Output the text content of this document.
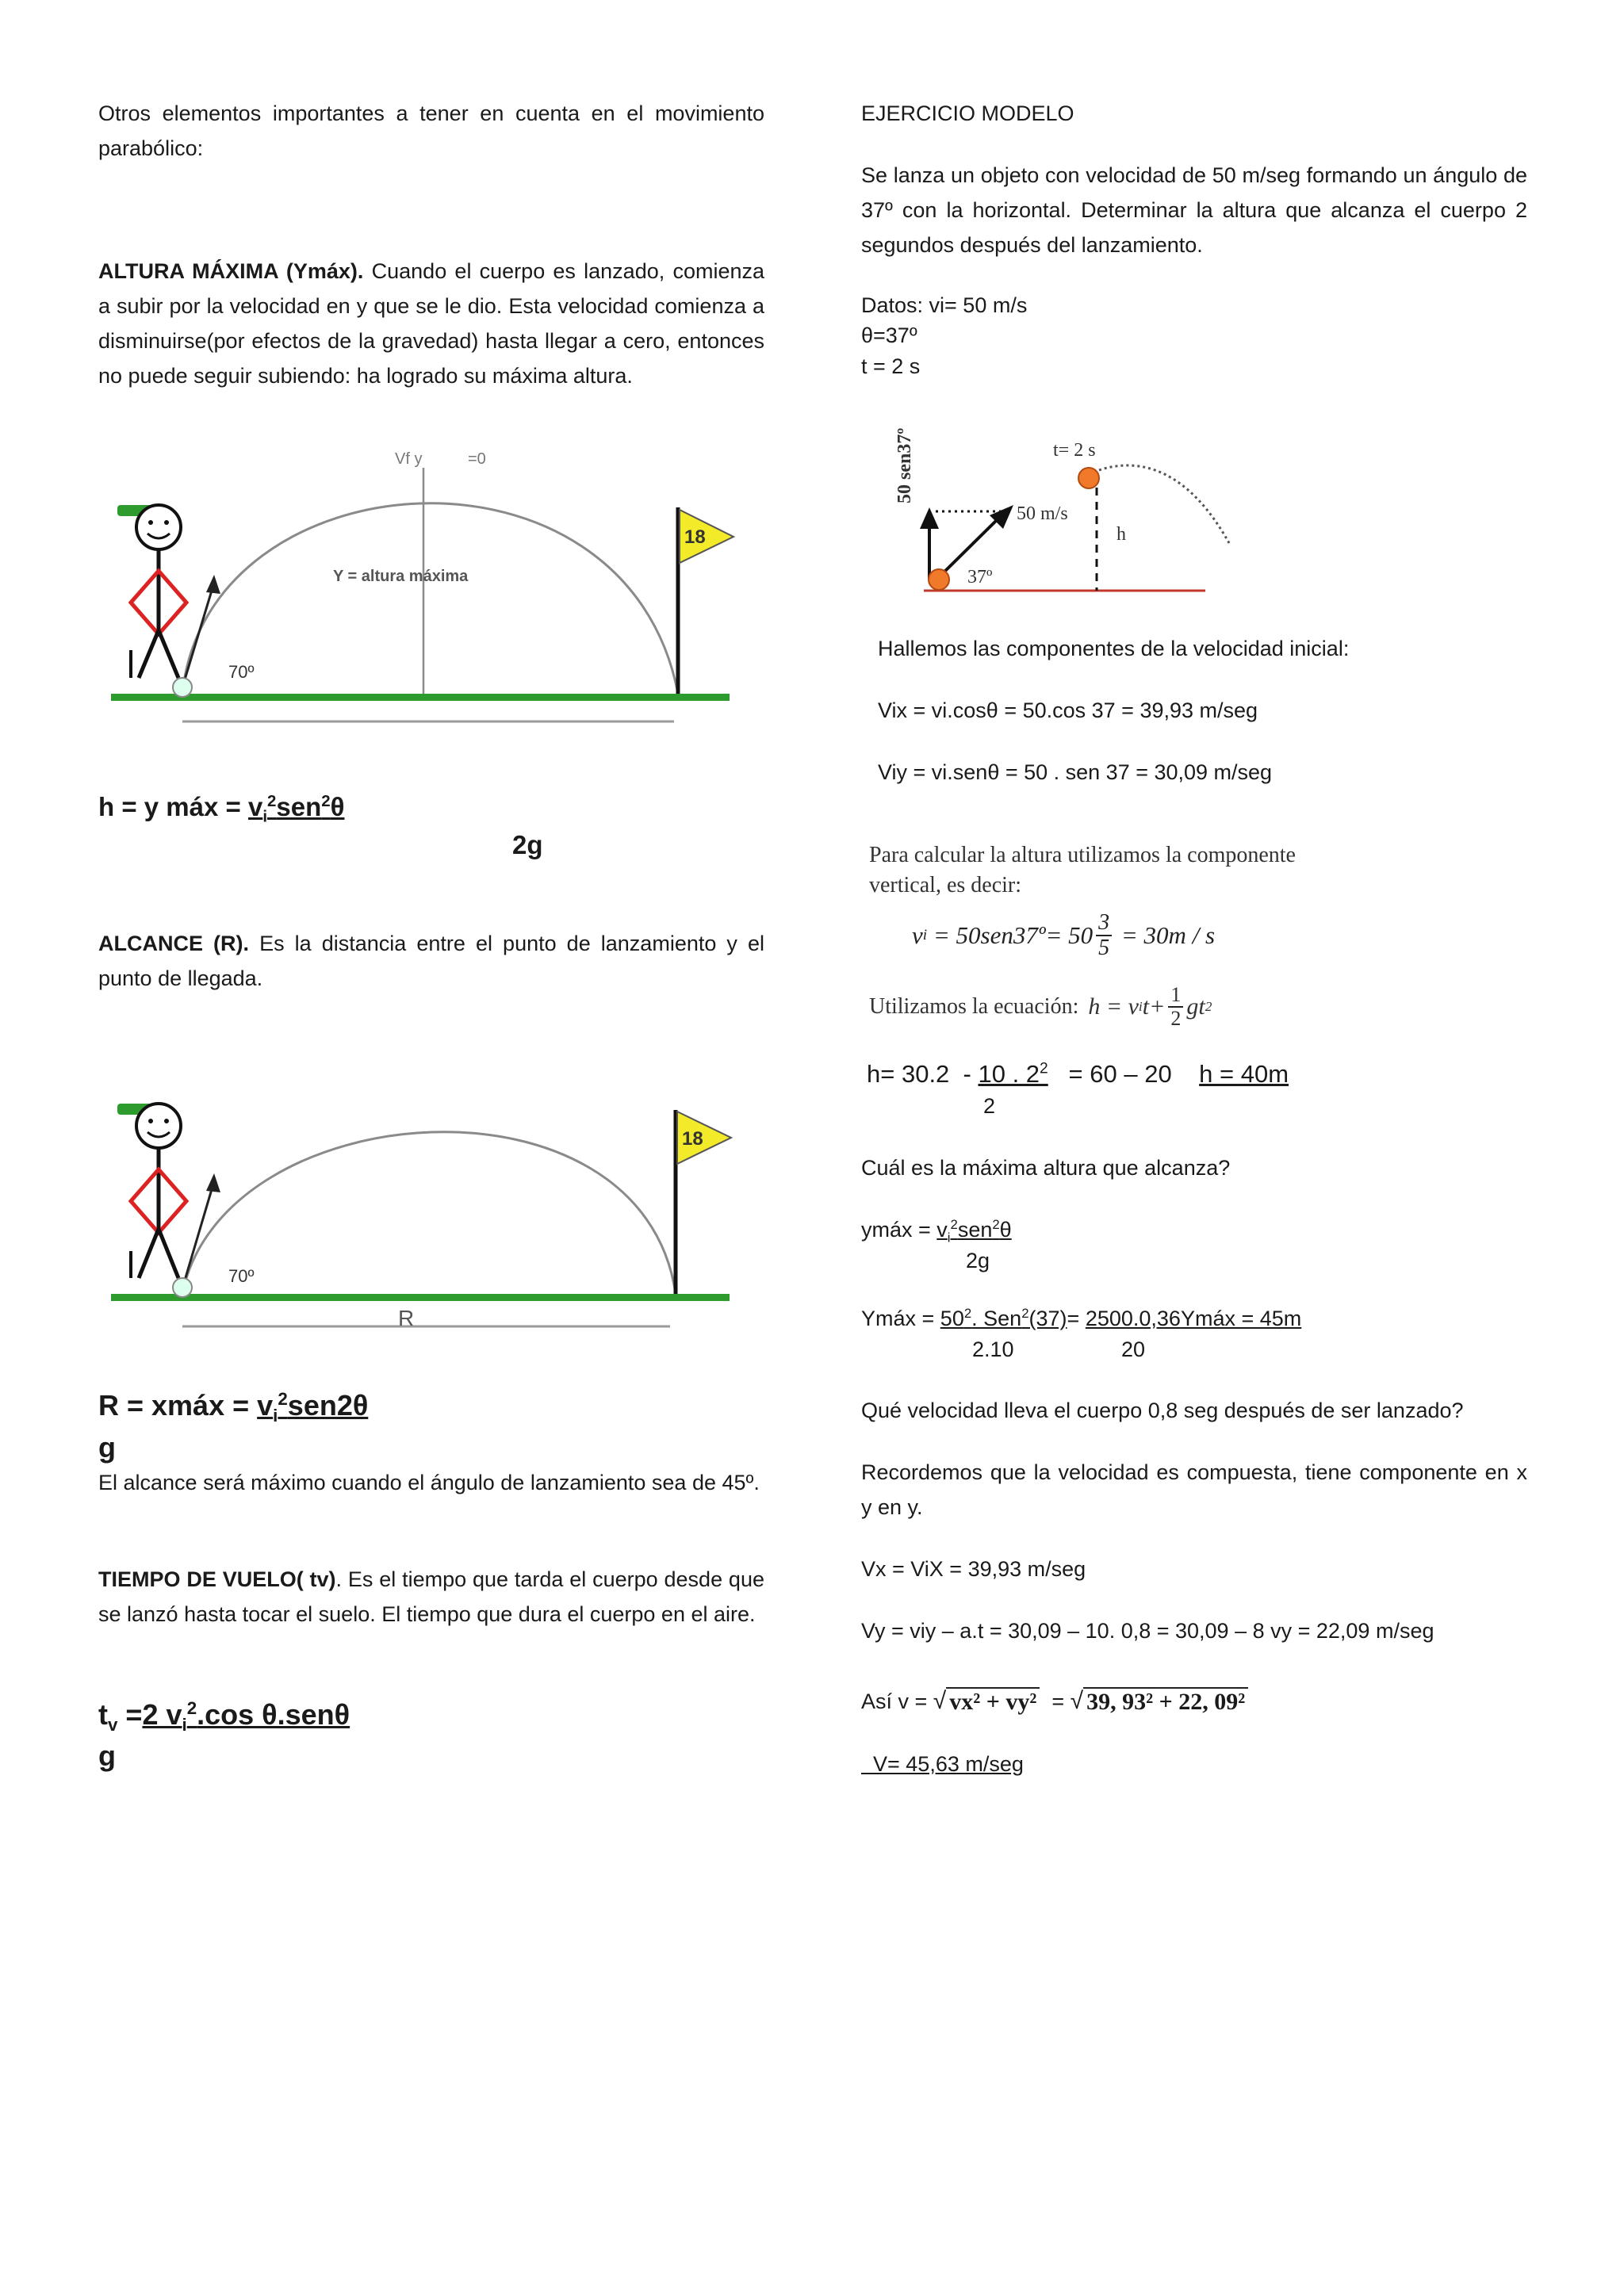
Otros elementos importantes a tener en cuenta en el movimiento parabólico:

ALTURA MÁXIMA (Ymáx). Cuando el cuerpo es lanzado, comienza a subir por la velocidad en y que se le dio. Esta velocidad comienza a disminuirse(por efectos de la gravedad) hasta llegar a cero, entonces no puede seguir subiendo: ha logrado su máxima altura.

Vf y	=0
Y = altura máxima
70º
18

h = y máx = $v_i^2sen^2\theta$

2g

ALCANCE (R). Es la distancia entre el punto de lanzamiento y el punto de llegada.

70º
R
18

R = xmáx = $v_i^2sen2\theta$

g

El alcance será máximo cuando el ángulo de lanzamiento sea de 45º.

TIEMPO DE VUELO( tv). Es el tiempo que tarda el cuerpo desde que se lanzó hasta tocar el suelo. El tiempo que dura el cuerpo en el aire.

$t_v =2$ $v_i^2.\cos$ θ.senθ

g

EJERCICIO MODELO

Se lanza un objeto con velocidad de 50 m/seg formando un ángulo de 37º con la horizontal. Determinar la altura que alcanza el cuerpo 2 segundos después del lanzamiento.

Datos: vi= 50 m/s

θ=37º

t = 2 s

50 sen37º
37º
50 m/s
t= 2 s
h

Hallemos las componentes de la velocidad inicial:

Vix = vi.cosθ = 50.cos 37 = 39,93 m/seg

Viy = vi.senθ = 50 . sen 37 = 30,09 m/seg

Para calcular la altura utilizamos la componente

vertical, es decir:

v i = 50sen37º= $50 \frac{3}{5} = 30m / s$
Utilizamos la ecuación: h = v i $t+ \frac{1}{2}$ gt 2

h= 30.2  - 10 . $2^2 = 60 - 20$    h = 40m

2

Cuál es la máxima altura que alcanza?

ymáx = $v_i^2sen^2\theta$

2g

Ymáx = $50^2$. Sen$^2$(37)= 2500.0,36Ymáx = 45m

2.10	20

Qué velocidad lleva el cuerpo 0,8 seg después de ser lanzado?

Recordemos que la velocidad es compuesta, tiene componente en x y en y.

Vx = ViX = 39,93 m/seg

Vy = viy – a.t = 30,09 – 10. 0,8 = 30,09 – 8 vy = 22,09 m/seg

Así v = √ vx² + vy² = √ 39, 93² + 22, 09²

V= 45,63 m/seg
